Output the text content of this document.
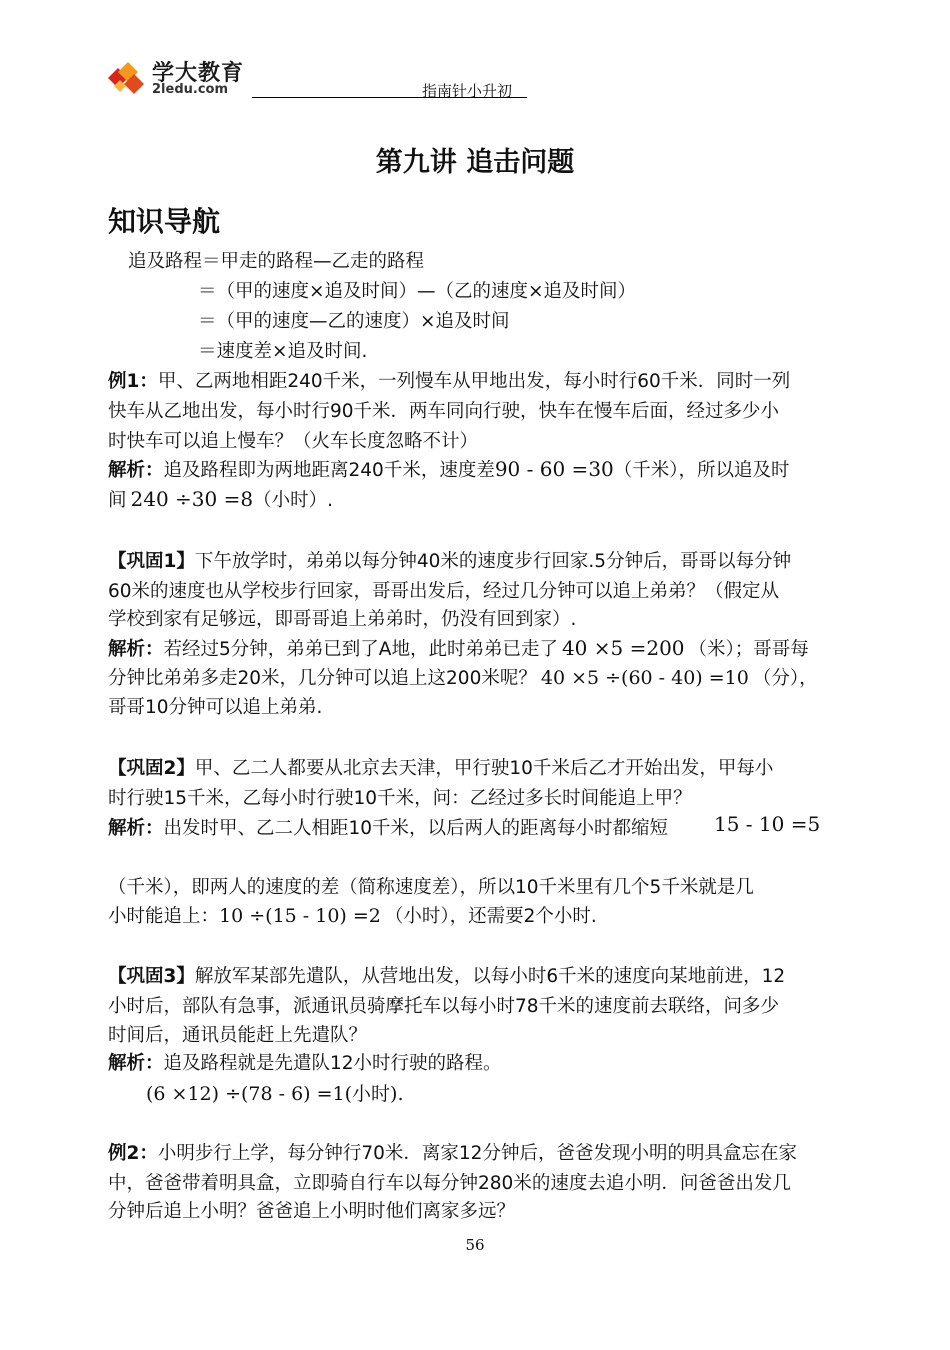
学大教育
2ledu.com	指南针小升初
第九讲 追击问题
知识导航
追及路程＝甲走的路程—乙走的路程
＝（甲的速度×追及时间）—（乙的速度×追及时间）
＝（甲的速度—乙的速度）×追及时间
＝速度差×追及时间.
例1：甲、乙两地相距240千米，一列慢车从甲地出发，每小时行60千米．同时一列
快车从乙地出发，每小时行90千米．两车同向行驶，快车在慢车后面，经过多少小
时快车可以追上慢车？（火车长度忽略不计）
解析：追及路程即为两地距离240千米，速度差90 - 60 =30（千米），所以追及时
间 240 ÷30 =8（小时）.
【巩固1】下午放学时，弟弟以每分钟40米的速度步行回家.5分钟后，哥哥以每分钟
60米的速度也从学校步行回家，哥哥出发后，经过几分钟可以追上弟弟？（假定从
学校到家有足够远，即哥哥追上弟弟时，仍没有回到家）.
解析：若经过5分钟，弟弟已到了A地，此时弟弟已走了 40 ×5 =200 （米）；哥哥每
分钟比弟弟多走20米，几分钟可以追上这200米呢？ 40 ×5 ÷(60 - 40) =10 （分），
哥哥10分钟可以追上弟弟.
【巩固2】甲、乙二人都要从北京去天津，甲行驶10千米后乙才开始出发，甲每小
时行驶15千米，乙每小时行驶10千米，问：乙经过多长时间能追上甲？
解析：出发时甲、乙二人相距10千米，以后两人的距离每小时都缩短 15 - 10 =5
（千米），即两人的速度的差（简称速度差），所以10千米里有几个5千米就是几
小时能追上：10 ÷(15 - 10) =2 （小时），还需要2个小时.
【巩固3】解放军某部先遣队，从营地出发，以每小时6千米的速度向某地前进，12
小时后，部队有急事，派通讯员骑摩托车以每小时78千米的速度前去联络，问多少
时间后，通讯员能赶上先遣队？
解析：追及路程就是先遣队12小时行驶的路程。
(6 ×12) ÷(78 - 6) =1(小时).
例2：小明步行上学，每分钟行70米．离家12分钟后，爸爸发现小明的明具盒忘在家
中，爸爸带着明具盒，立即骑自行车以每分钟280米的速度去追小明．问爸爸出发几
分钟后追上小明？爸爸追上小明时他们离家多远？
56
